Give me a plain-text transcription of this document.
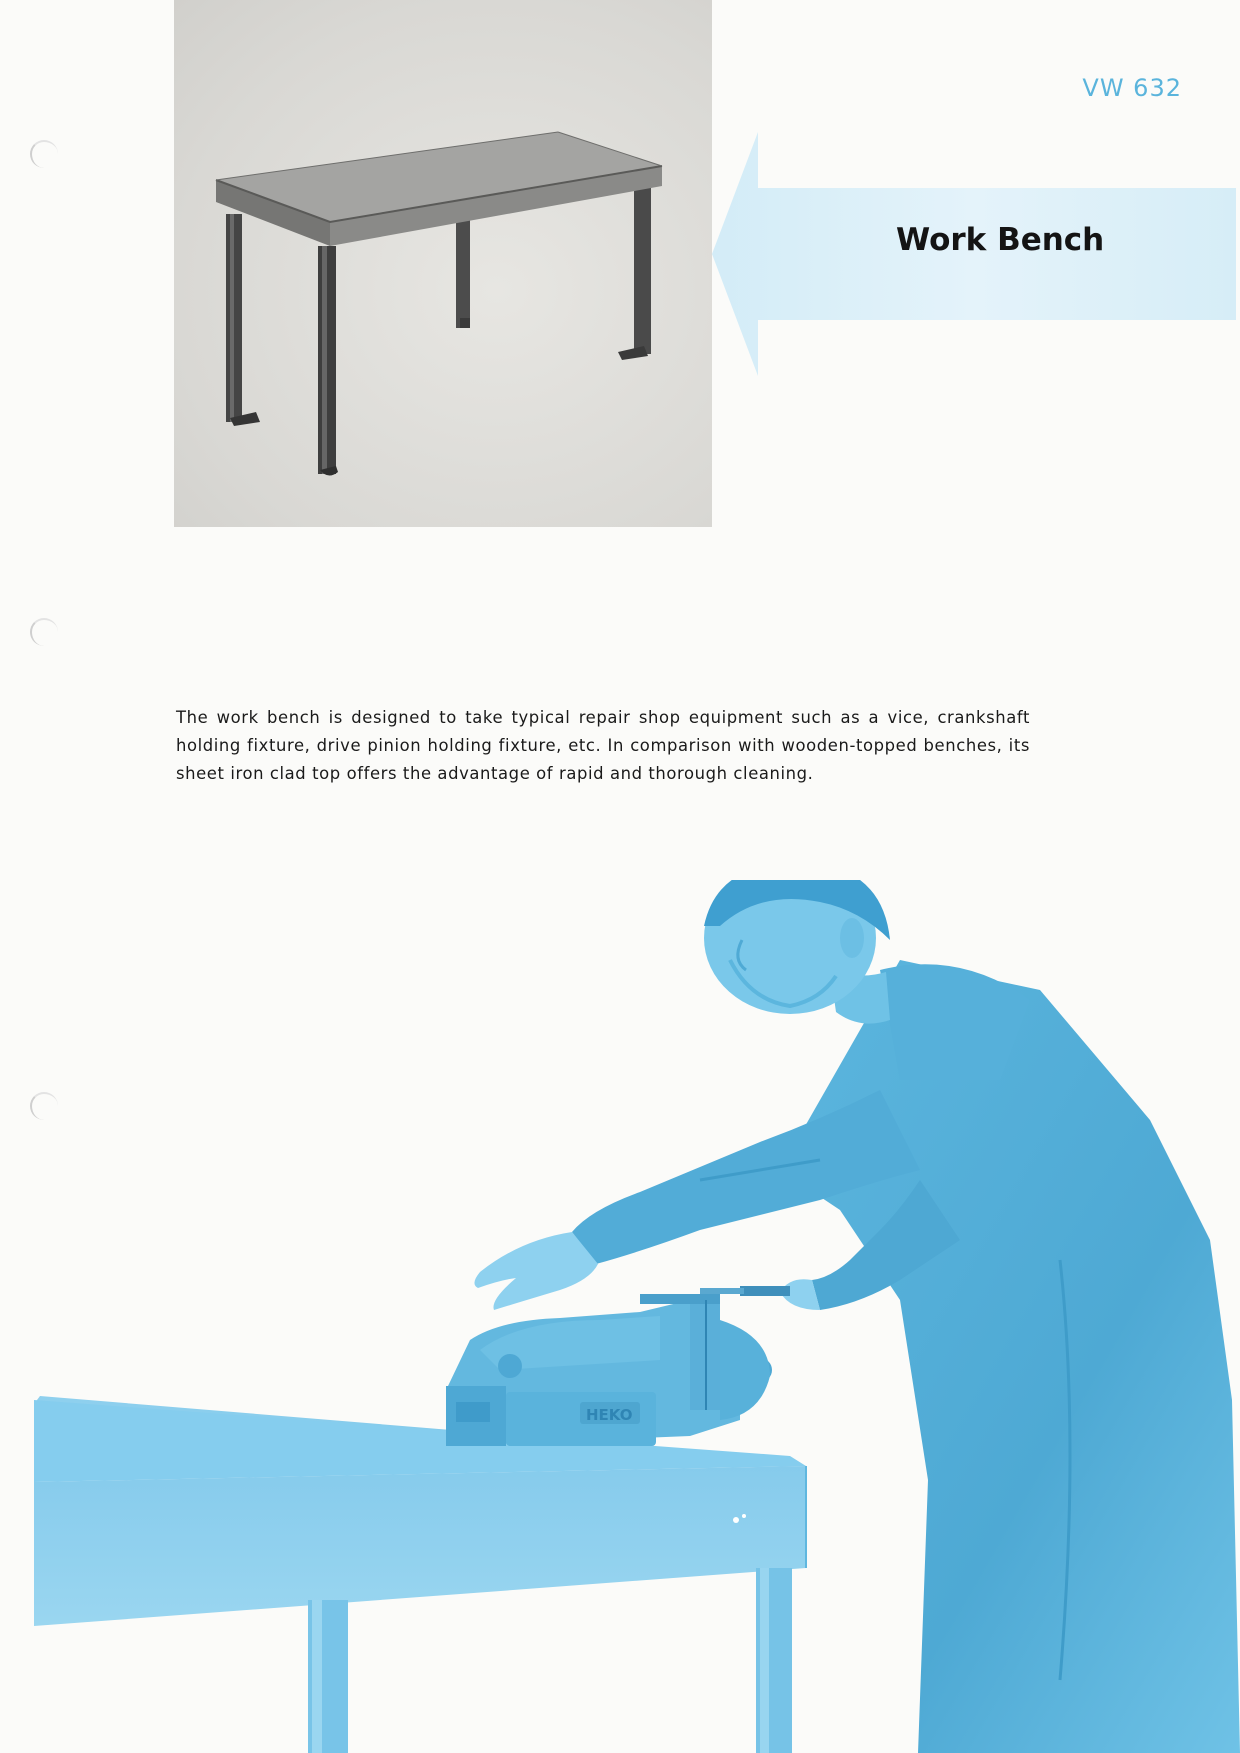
VW 632
Work Bench

The work bench is designed to take typical repair shop equipment such as a vice, crankshaft holding fixture, drive pinion holding fixture, etc. In comparison with wooden-topped benches, its sheet iron clad top offers the advantage of rapid and thorough cleaning.

HEKO
